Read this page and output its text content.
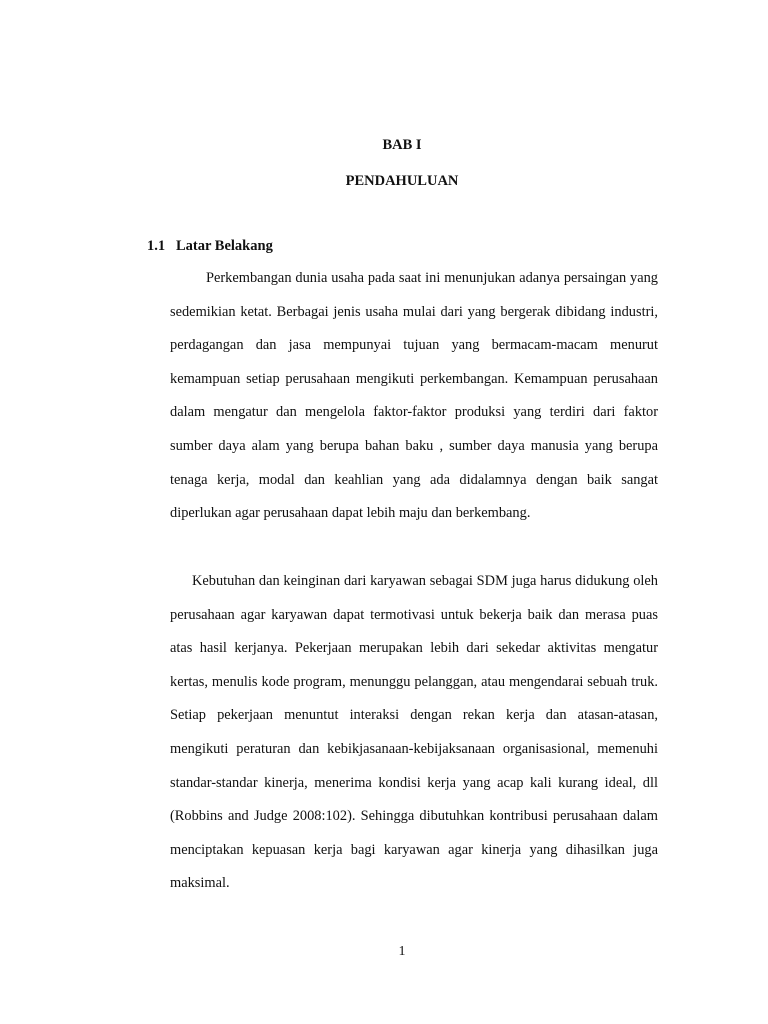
BAB I
PENDAHULUAN
1.1   Latar Belakang

Perkembangan dunia usaha pada saat ini menunjukan adanya persaingan yang sedemikian ketat. Berbagai jenis usaha mulai dari yang bergerak dibidang industri, perdagangan dan jasa mempunyai tujuan yang bermacam-macam menurut kemampuan setiap perusahaan mengikuti perkembangan. Kemampuan perusahaan dalam mengatur dan mengelola faktor-faktor produksi yang terdiri dari faktor sumber daya alam yang berupa bahan baku , sumber daya manusia yang berupa tenaga kerja, modal dan keahlian yang ada didalamnya dengan baik sangat diperlukan agar perusahaan dapat lebih maju dan berkembang.

Kebutuhan dan keinginan dari karyawan sebagai SDM juga harus didukung oleh perusahaan agar karyawan dapat termotivasi untuk bekerja baik dan merasa puas atas hasil kerjanya. Pekerjaan merupakan lebih dari sekedar aktivitas mengatur kertas, menulis kode program, menunggu pelanggan, atau mengendarai sebuah truk. Setiap pekerjaan menuntut interaksi dengan rekan kerja dan atasan-atasan, mengikuti peraturan dan kebikjasanaan-kebijaksanaan organisasional, memenuhi standar-standar kinerja, menerima kondisi kerja yang acap kali kurang ideal, dll (Robbins and Judge 2008:102). Sehingga dibutuhkan kontribusi perusahaan dalam menciptakan kepuasan kerja bagi karyawan agar kinerja yang dihasilkan juga maksimal.

1
